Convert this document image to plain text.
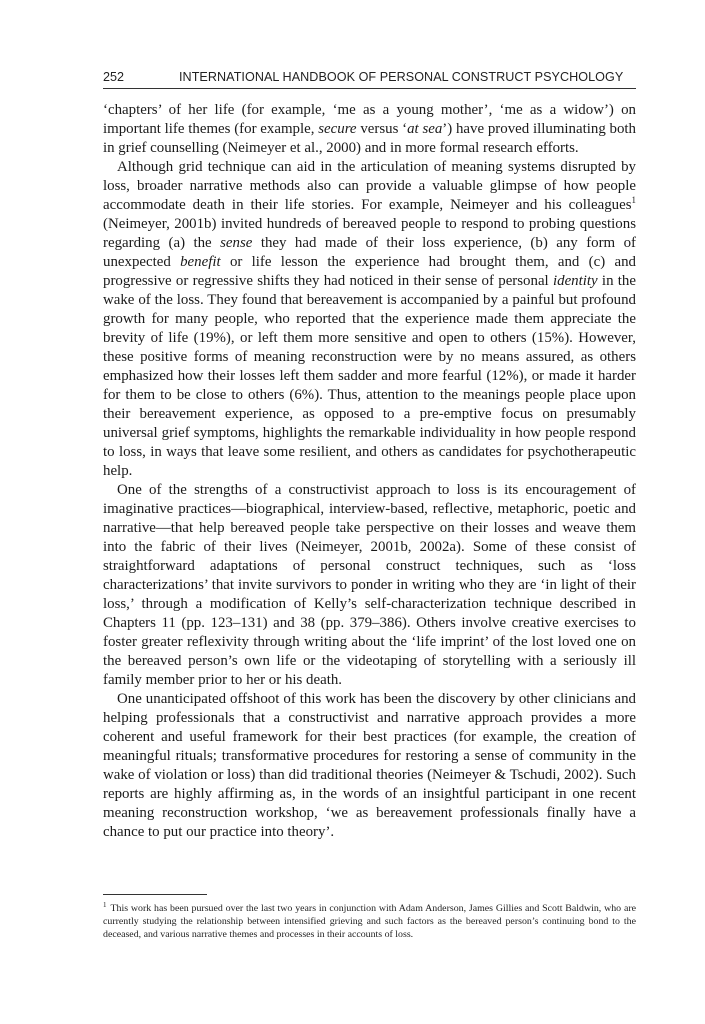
252	INTERNATIONAL HANDBOOK OF PERSONAL CONSTRUCT PSYCHOLOGY

‘chapters’ of her life (for example, ‘me as a young mother’, ‘me as a widow’) on important life themes (for example, secure versus ‘at sea’) have proved illuminating both in grief counselling (Neimeyer et al., 2000) and in more formal research efforts.

Although grid technique can aid in the articulation of meaning systems disrupted by loss, broader narrative methods also can provide a valuable glimpse of how people accommodate death in their life stories. For example, Neimeyer and his colleagues$^1$ (Neimeyer, 2001b) invited hundreds of bereaved people to respond to probing questions regarding (a) the sense they had made of their loss experience, (b) any form of unexpected benefit or life lesson the experience had brought them, and (c) and progressive or regressive shifts they had noticed in their sense of personal identity in the wake of the loss. They found that bereavement is accompanied by a painful but profound growth for many people, who reported that the experience made them appreciate the brevity of life (19%), or left them more sensitive and open to others (15%). However, these positive forms of meaning reconstruction were by no means assured, as others emphasized how their losses left them sadder and more fearful (12%), or made it harder for them to be close to others (6%). Thus, attention to the meanings people place upon their bereavement experience, as opposed to a pre-emptive focus on presumably universal grief symptoms, highlights the remarkable individuality in how people respond to loss, in ways that leave some resilient, and others as candidates for psychotherapeutic help.

One of the strengths of a constructivist approach to loss is its encouragement of imaginative practices—biographical, interview-based, reflective, metaphoric, poetic and narrative—that help bereaved people take perspective on their losses and weave them into the fabric of their lives (Neimeyer, 2001b, 2002a). Some of these consist of straightforward adaptations of personal construct techniques, such as ‘loss characterizations’ that invite survivors to ponder in writing who they are ‘in light of their loss,’ through a modification of Kelly’s self-characterization technique described in Chapters 11 (pp. 123–131) and 38 (pp. 379–386). Others involve creative exercises to foster greater reflexivity through writing about the ‘life imprint’ of the lost loved one on the bereaved person’s own life or the videotaping of storytelling with a seriously ill family member prior to her or his death.

One unanticipated offshoot of this work has been the discovery by other clinicians and helping professionals that a constructivist and narrative approach provides a more coherent and useful framework for their best practices (for example, the creation of meaningful rituals; transformative procedures for restoring a sense of community in the wake of violation or loss) than did traditional theories (Neimeyer & Tschudi, 2002). Such reports are highly affirming as, in the words of an insightful participant in one recent meaning reconstruction workshop, ‘we as bereavement professionals finally have a chance to put our practice into theory’.

$^1$ This work has been pursued over the last two years in conjunction with Adam Anderson, James Gillies and Scott Baldwin, who are currently studying the relationship between intensified grieving and such factors as the bereaved person’s continuing bond to the deceased, and various narrative themes and processes in their accounts of loss.
